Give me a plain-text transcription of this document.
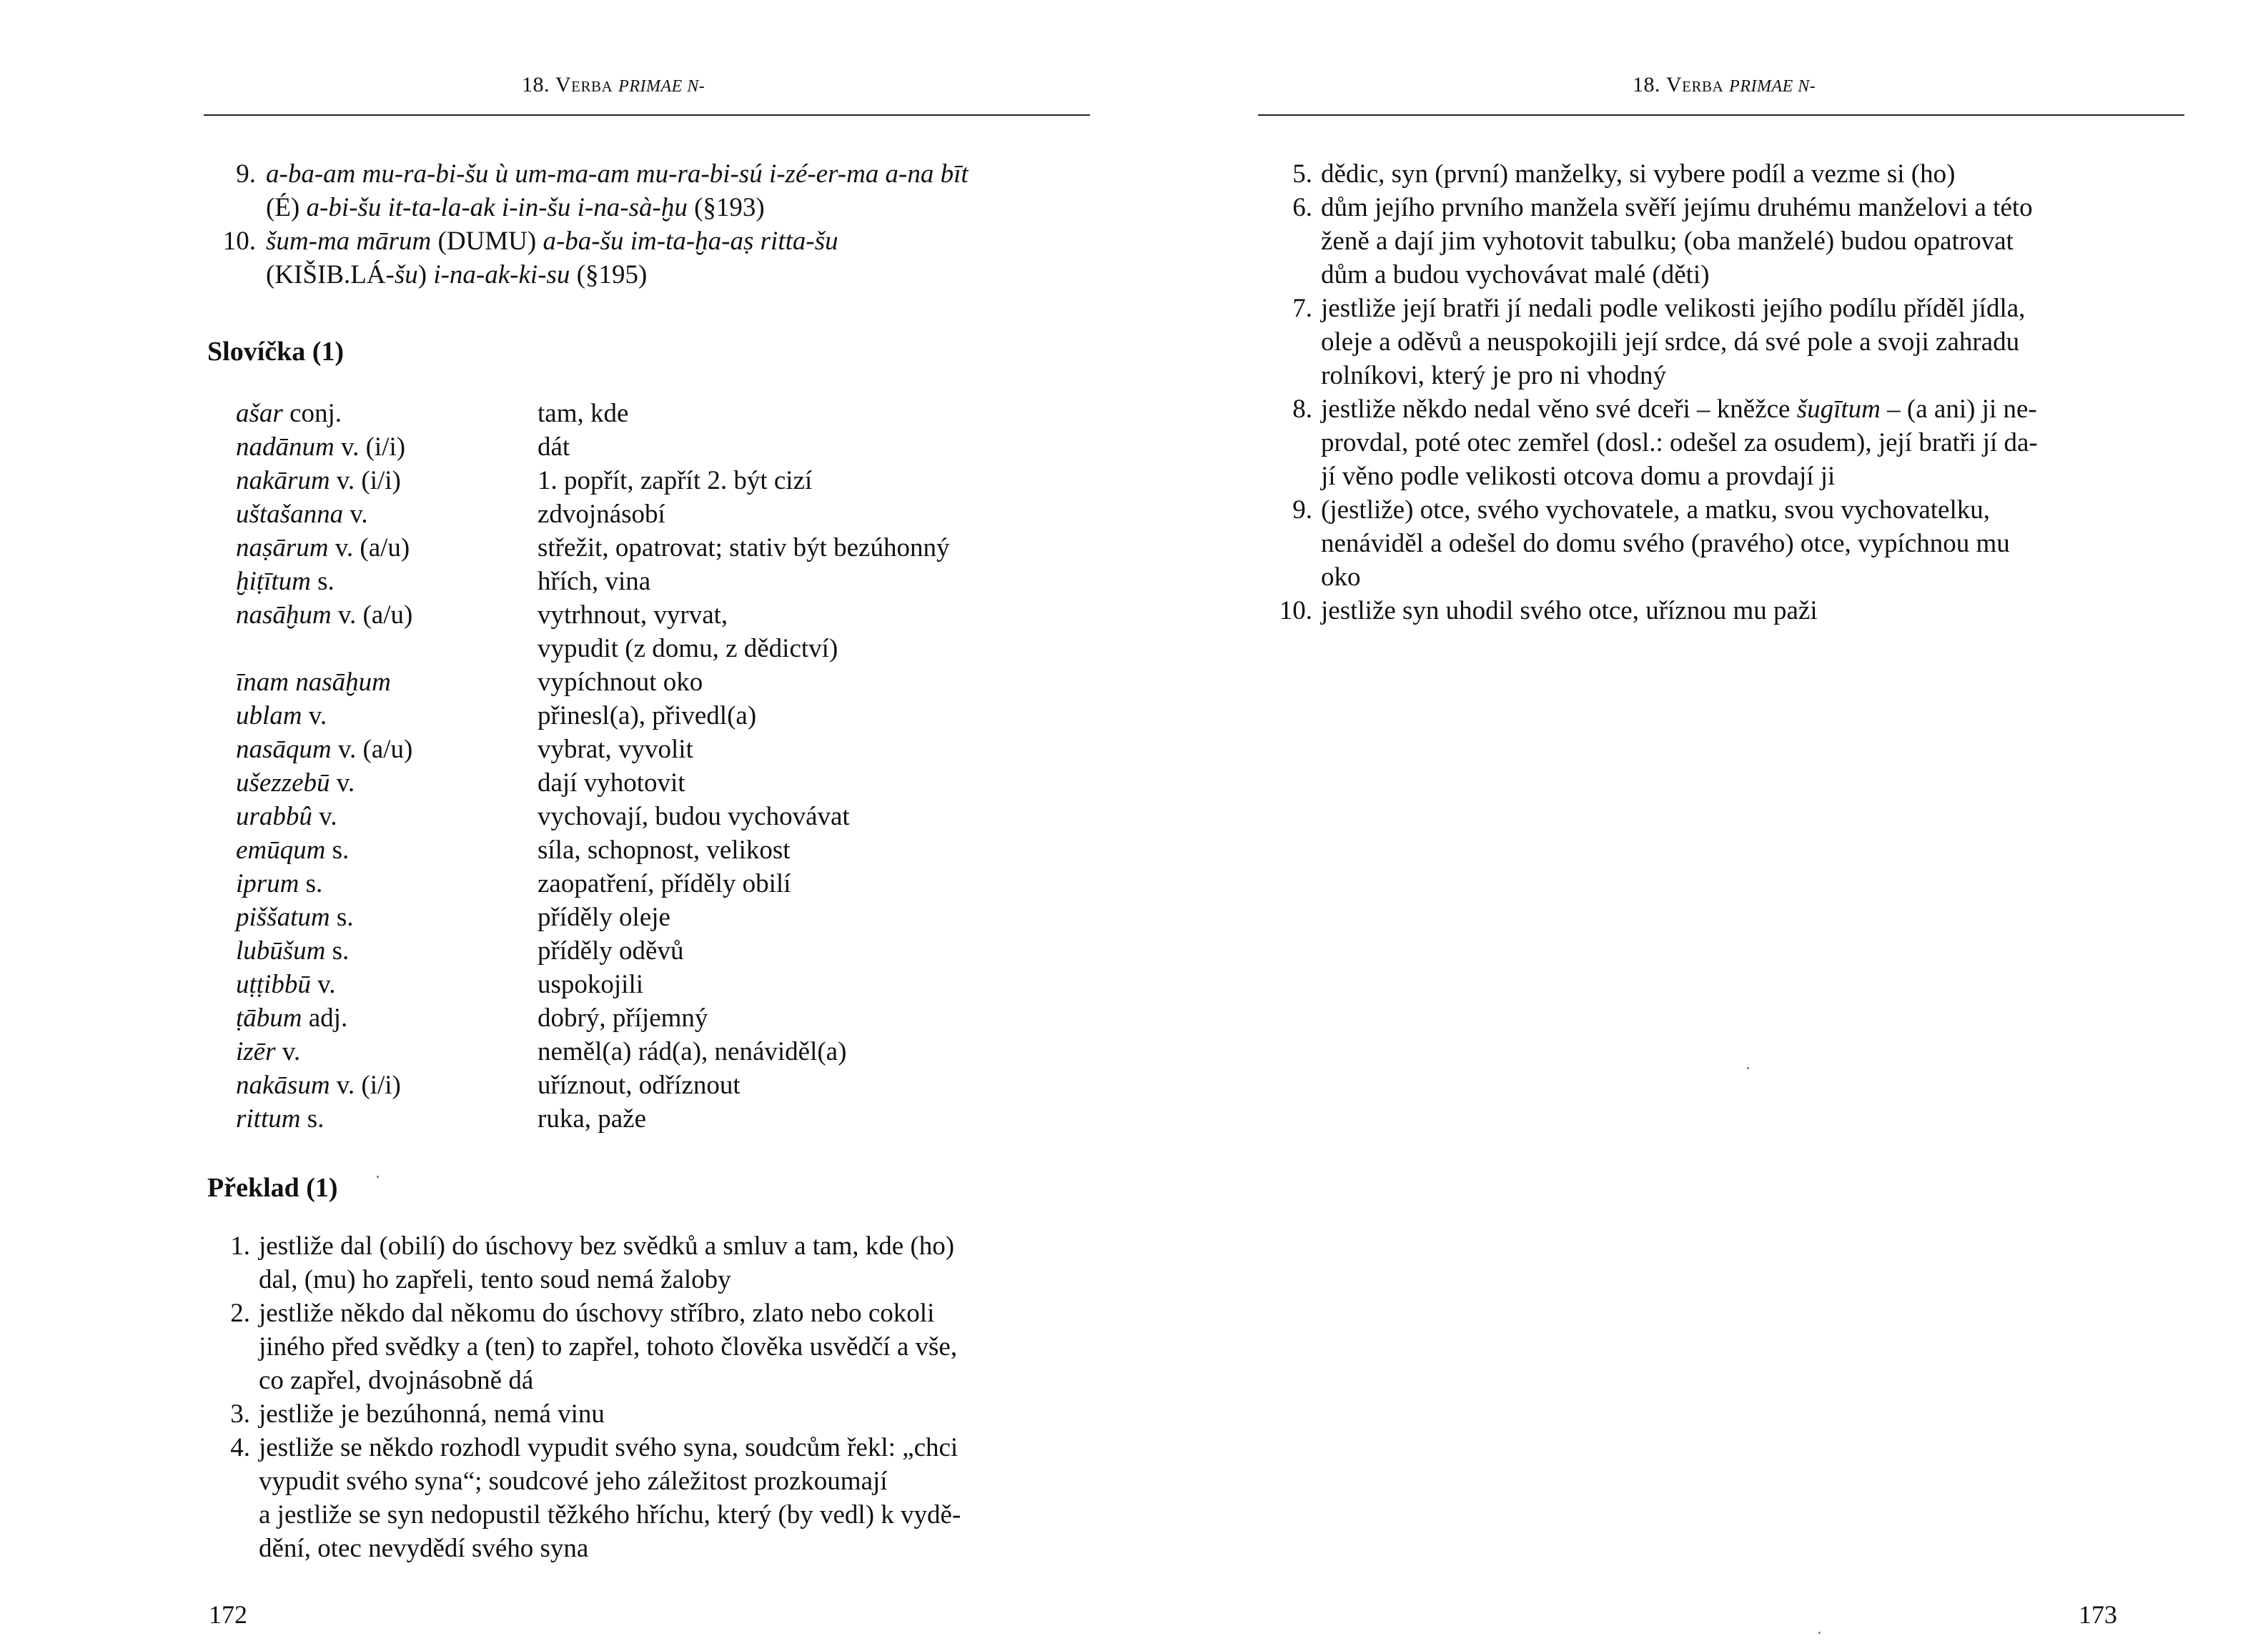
18. Verba PRIMAE N-
9. a-ba-am mu-ra-bi-šu ù um-ma-am mu-ra-bi-sú i-zé-er-ma a-na bīt
(É) a-bi-šu it-ta-la-ak i-in-šu i-na-sà-ḫu (§193)
10. šum-ma mārum (DUMU) a-ba-šu im-ta-ḫa-aṣ ritta-šu
(KIŠIB.LÁ-šu) i-na-ak-ki-su (§195)
Slovíčka (1)
ašar conj.	tam, kde
nadānum v. (i/i)	dát
nakārum v. (i/i)	1. popřít, zapřít 2. být cizí
uštašanna v.	zdvojnásobí
naṣārum v. (a/u)	střežit, opatrovat; stativ být bezúhonný
ḫiṭītum s.	hřích, vina
nasāḫum v. (a/u)	vytrhnout, vyrvat,
vypudit (z domu, z dědictví)
īnam nasāḫum	vypíchnout oko
ublam v.	přinesl(a), přivedl(a)
nasāqum v. (a/u)	vybrat, vyvolit
ušezzebū v.	dají vyhotovit
urabbû v.	vychovají, budou vychovávat
emūqum s.	síla, schopnost, velikost
iprum s.	zaopatření, příděly obilí
piššatum s.	příděly oleje
lubūšum s.	příděly oděvů
uṭṭibbū v.	uspokojili
ṭābum adj.	dobrý, příjemný
izēr v.	neměl(a) rád(a), nenáviděl(a)
nakāsum v. (i/i)	uříznout, odříznout
rittum s.	ruka, paže
Překlad (1)
1. jestliže dal (obilí) do úschovy bez svědků a smluv a tam, kde (ho)
dal, (mu) ho zapřeli, tento soud nemá žaloby
2. jestliže někdo dal někomu do úschovy stříbro, zlato nebo cokoli
jiného před svědky a (ten) to zapřel, tohoto člověka usvědčí a vše,
co zapřel, dvojnásobně dá
3. jestliže je bezúhonná, nemá vinu
4. jestliže se někdo rozhodl vypudit svého syna, soudcům řekl: „chci
vypudit svého syna“; soudcové jeho záležitost prozkoumají
a jestliže se syn nedopustil těžkého hříchu, který (by vedl) k vydě-
dění, otec nevydědí svého syna
172
18. Verba PRIMAE N-
5. dědic, syn (první) manželky, si vybere podíl a vezme si (ho)
6. dům jejího prvního manžela svěří jejímu druhému manželovi a této
ženě a dají jim vyhotovit tabulku; (oba manželé) budou opatrovat
dům a budou vychovávat malé (děti)
7. jestliže její bratři jí nedali podle velikosti jejího podílu příděl jídla,
oleje a oděvů a neuspokojili její srdce, dá své pole a svoji zahradu
rolníkovi, který je pro ni vhodný
8. jestliže někdo nedal věno své dceři – kněžce šugītum – (a ani) ji ne-
provdal, poté otec zemřel (dosl.: odešel za osudem), její bratři jí da-
jí věno podle velikosti otcova domu a provdají ji
9. (jestliže) otce, svého vychovatele, a matku, svou vychovatelku,
nenáviděl a odešel do domu svého (pravého) otce, vypíchnou mu
oko
10. jestliže syn uhodil svého otce, uříznou mu paži
173
